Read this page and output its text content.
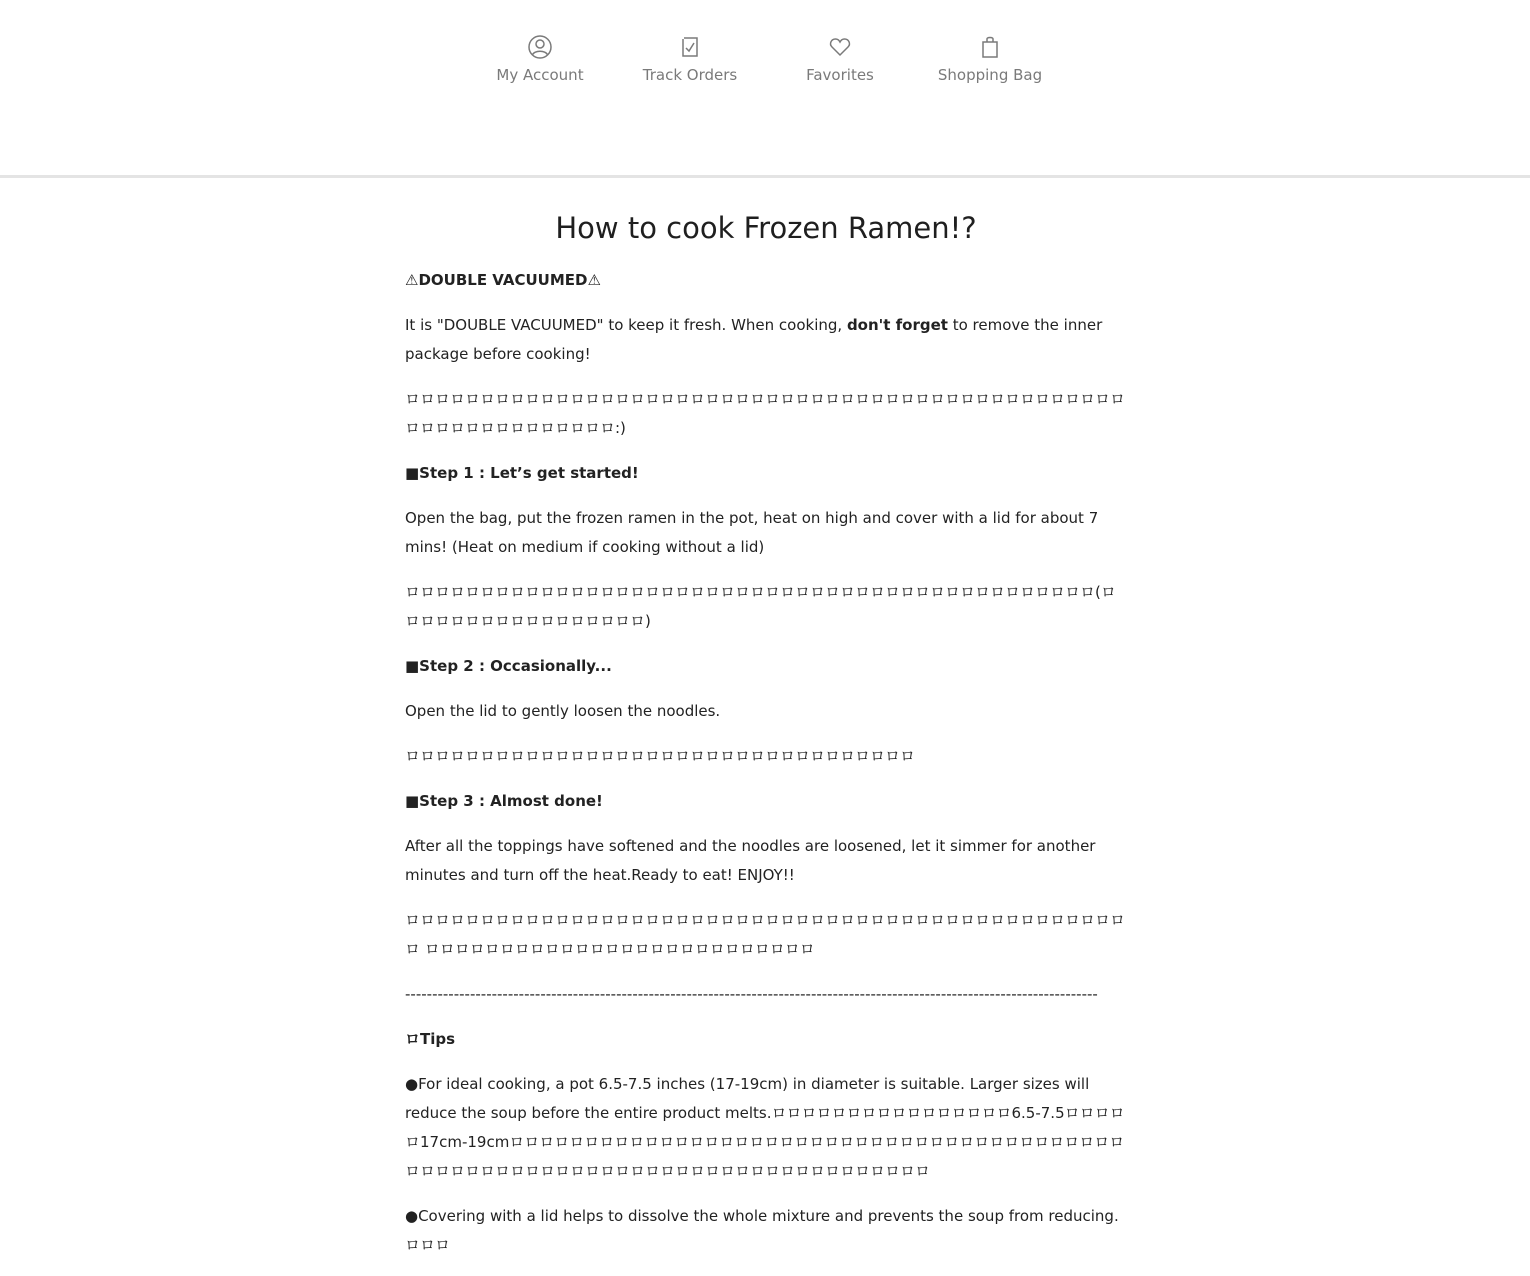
My Account	Track Orders	Favorites	Shopping Bag
How to cook Frozen Ramen!?

⚠DOUBLE VACUUMED⚠

It is "DOUBLE VACUUMED" to keep it fresh. When cooking, don't forget to remove the inner package before cooking!

ロロロロロロロロロロロロロロロロロロロロロロロロロロロロロロロロロロロロロロロロロロロロロロロロロロロロロロロロロロロロロロ:)

■Step 1 : Let’s get started!

Open the bag, put the frozen ramen in the pot, heat on high and cover with a lid for about 7 mins! (Heat on medium if cooking without a lid)

ロロロロロロロロロロロロロロロロロロロロロロロロロロロロロロロロロロロロロロロロロロロロロロ(ロロロロロロロロロロロロロロロロロ)

■Step 2 : Occasionally...

Open the lid to gently loosen the noodles.

ロロロロロロロロロロロロロロロロロロロロロロロロロロロロロロロロロロ

■Step 3 : Almost done!

After all the toppings have softened and the noodles are loosened, let it simmer for another minutes and turn off the heat.Ready to eat! ENJOY!!

ロロロロロロロロロロロロロロロロロロロロロロロロロロロロロロロロロロロロロロロロロロロロロロロロロ ロロロロロロロロロロロロロロロロロロロロロロロロロロ

--------------------------------------------------------------------------------------------------------------------------------

ロTips

●For ideal cooking, a pot 6.5-7.5 inches (17-19cm) in diameter is suitable. Larger sizes will reduce the soup before the entire product melts.ロロロロロロロロロロロロロロロロ6.5-7.5ロロロロロ17cm-19cmロロロロロロロロロロロロロロロロロロロロロロロロロロロロロロロロロロロロロロロロロロロロロロロロロロロロロロロロロロロロロロロロロロロロロロロロロロロロ

●Covering with a lid helps to dissolve the whole mixture and prevents the soup from reducing.ロロロ
